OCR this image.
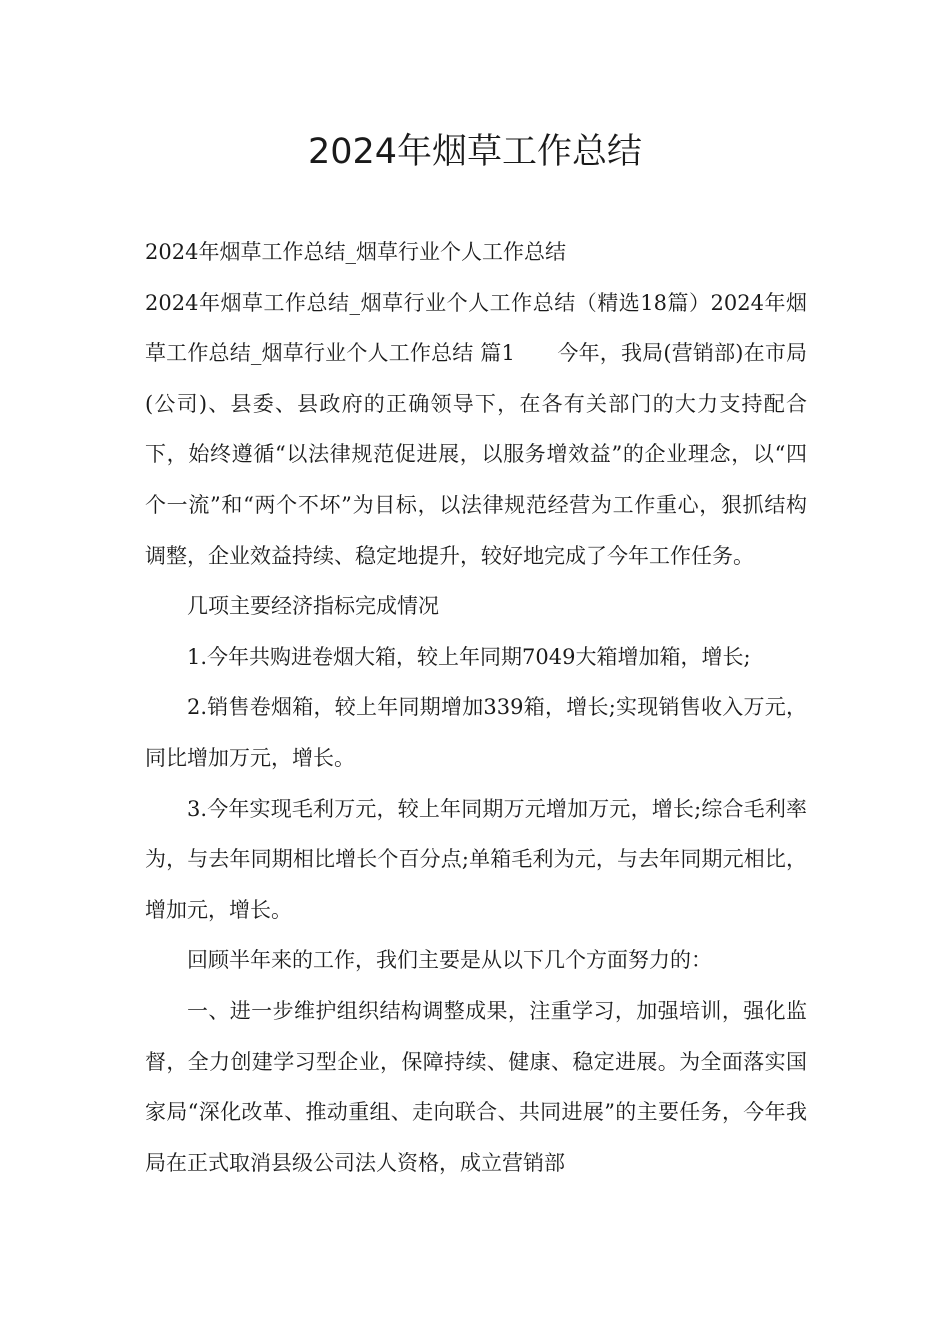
2024年烟草工作总结

2024年烟草工作总结_烟草行业个人工作总结

2024年烟草工作总结_烟草行业个人工作总结（精选18篇）2024年烟草工作总结_烟草行业个人工作总结 篇1　　今年，我局(营销部)在市局(公司)、县委、县政府的正确领导下，在各有关部门的大力支持配合下，始终遵循“以法律规范促进展，以服务增效益”的企业理念，以“四个一流”和“两个不坏”为目标，以法律规范经营为工作重心，狠抓结构调整，企业效益持续、稳定地提升，较好地完成了今年工作任务。

几项主要经济指标完成情况

1.今年共购进卷烟大箱，较上年同期7049大箱增加箱，增长;

2.销售卷烟箱，较上年同期增加339箱，增长;实现销售收入万元，同比增加万元，增长。

3.今年实现毛利万元，较上年同期万元增加万元，增长;综合毛利率为，与去年同期相比增长个百分点;单箱毛利为元，与去年同期元相比，增加元，增长。

回顾半年来的工作，我们主要是从以下几个方面努力的：

一、进一步维护组织结构调整成果，注重学习，加强培训，强化监督，全力创建学习型企业，保障持续、健康、稳定进展。为全面落实国家局“深化改革、推动重组、走向联合、共同进展”的主要任务，今年我局在正式取消县级公司法人资格，成立营销部
